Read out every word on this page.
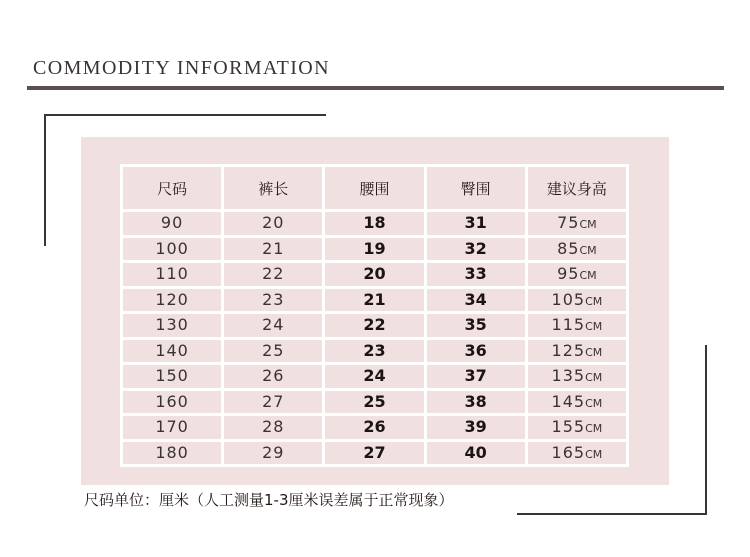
COMMODITY INFORMATION
尺码	裤长	腰围	臀围	建议身高
90	20	18	31	75CM
100	21	19	32	85CM
110	22	20	33	95CM
120	23	21	34	105CM
130	24	22	35	115CM
140	25	23	36	125CM
150	26	24	37	135CM
160	27	25	38	145CM
170	28	26	39	155CM
180	29	27	40	165CM
尺码单位：厘米（人工测量1-3厘米误差属于正常现象）
